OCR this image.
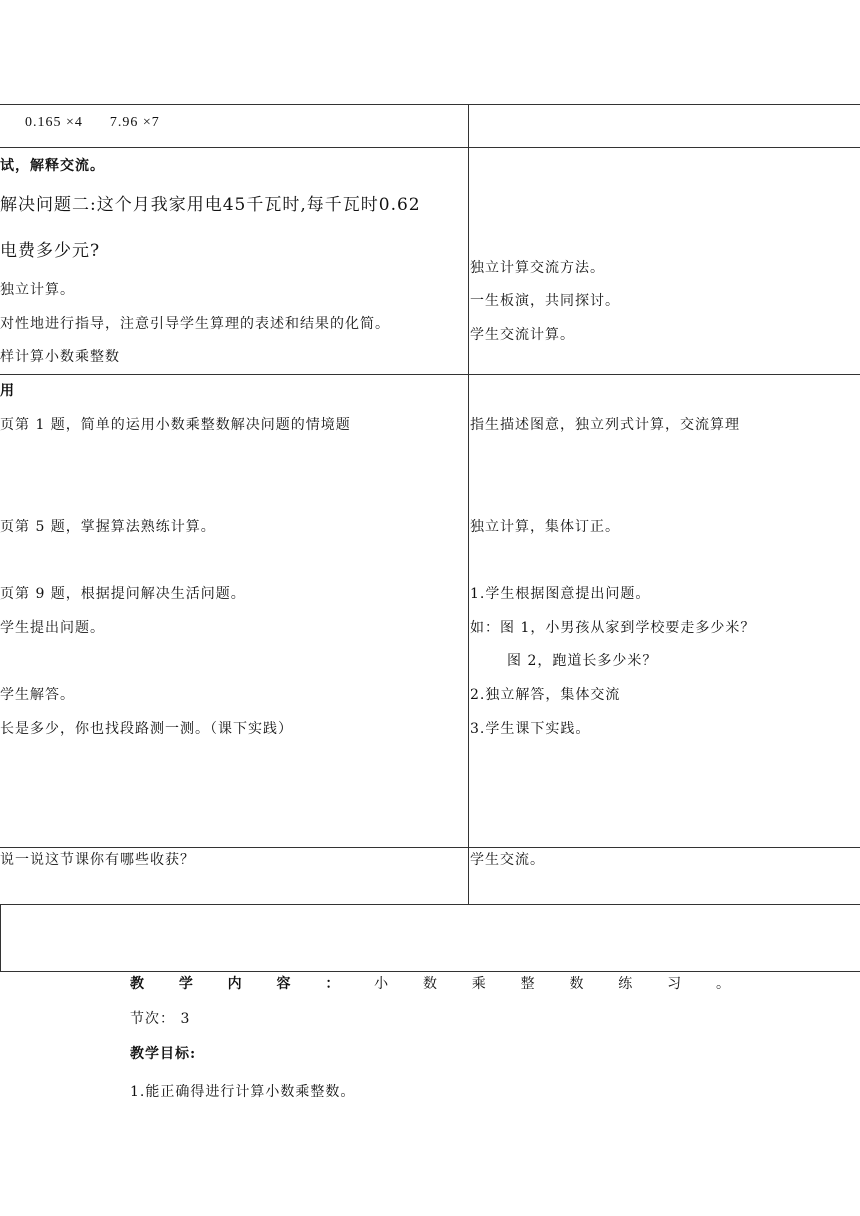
0.165 ×4      7.96 ×7
试，解释交流。
解决问题二:这个月我家用电45千瓦时,每千瓦时0.62
电费多少元?
独立计算。
对性地进行指导，注意引导学生算理的表述和结果的化简。
样计算小数乘整数
独立计算交流方法。
一生板演，共同探讨。
学生交流计算。
用
页第 1 题，简单的运用小数乘整数解决问题的情境题
页第 5 题，掌握算法熟练计算。
页第 9 题，根据提问解决生活问题。
学生提出问题。
学生解答。
长是多少，你也找段路测一测。（课下实践）
指生描述图意，独立列式计算，交流算理
独立计算，集体订正。
1.学生根据图意提出问题。
如：图 1，小男孩从家到学校要走多少米？
图 2，跑道长多少米？
2.独立解答，集体交流
3.学生课下实践。
说一说这节课你有哪些收获？	学生交流。
教 学 内 容 ： 小 数 乘 整 数 练 习 。
节次： 3
教学目标:
1.能正确得进行计算小数乘整数。
